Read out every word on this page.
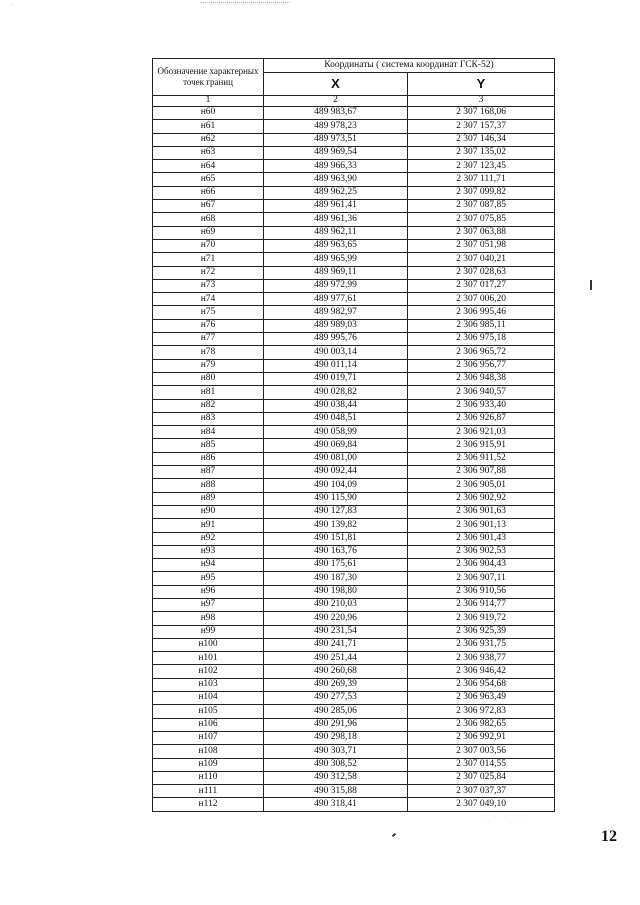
.:
Обозначение характерных точек границ	Координаты ( система координат ГСК-52)	
	X	Y
1	2	3
н60	489 983,67	2 307 168,06
н61	489 978,23	2 307 157,37
н62	489 973,51	2 307 146,34
н63	489 969,54	2 307 135,02
н64	489 966,33	2 307 123,45
н65	489 963,90	2 307 111,71
н66	489 962,25	2 307 099,82
н67	489 961,41	2 307 087,85
н68	489 961,36	2 307 075,85
н69	489 962,11	2 307 063,88
н70	489 963,65	2 307 051,98
н71	489 965,99	2 307 040,21
н72	489 969,11	2 307 028,63
н73	489 972,99	2 307 017,27
н74	489 977,61	2 307 006,20
н75	489 982,97	2 306 995,46
н76	489 989,03	2 306 985,11
н77	489 995,76	2 306 975,18
н78	490 003,14	2 306 965,72
н79	490 011,14	2 306 956,77
н80	490 019,71	2 306 948,38
н81	490 028,82	2 306 940,57
н82	490 038,44	2 306 933,40
н83	490 048,51	2 306 926,87
н84	490 058,99	2 306 921,03
н85	490 069,84	2 306 915,91
н86	490 081,00	2 306 911,52
н87	490 092,44	2 306 907,88
н88	490 104,09	2 306 905,01
н89	490 115,90	2 306 902,92
н90	490 127,83	2 306 901,63
н91	490 139,82	2 306 901,13
н92	490 151,81	2 306 901,43
н93	490 163,76	2 306 902,53
н94	490 175,61	2 306 904,43
н95	490 187,30	2 306 907,11
н96	490 198,80	2 306 910,56
н97	490 210,03	2 306 914,77
н98	490 220,96	2 306 919,72
н99	490 231,54	2 306 925,39
н100	490 241,71	2 306 931,75
н101	490 251,44	2 306 938,77
н102	490 260,68	2 306 946,42
н103	490 269,39	2 306 954,68
н104	490 277,53	2 306 963,49
н105	490 285,06	2 306 972,83
н106	490 291,96	2 306 982,65
н107	490 298,18	2 306 992,91
н108	490 303,71	2 307 003,56
н109	490 308,52	2 307 014,55
н110	490 312,58	2 307 025,84
н111	490 315,88	2 307 037,37
н112	490 318,41	2 307 049,10
· · · · ·
12
